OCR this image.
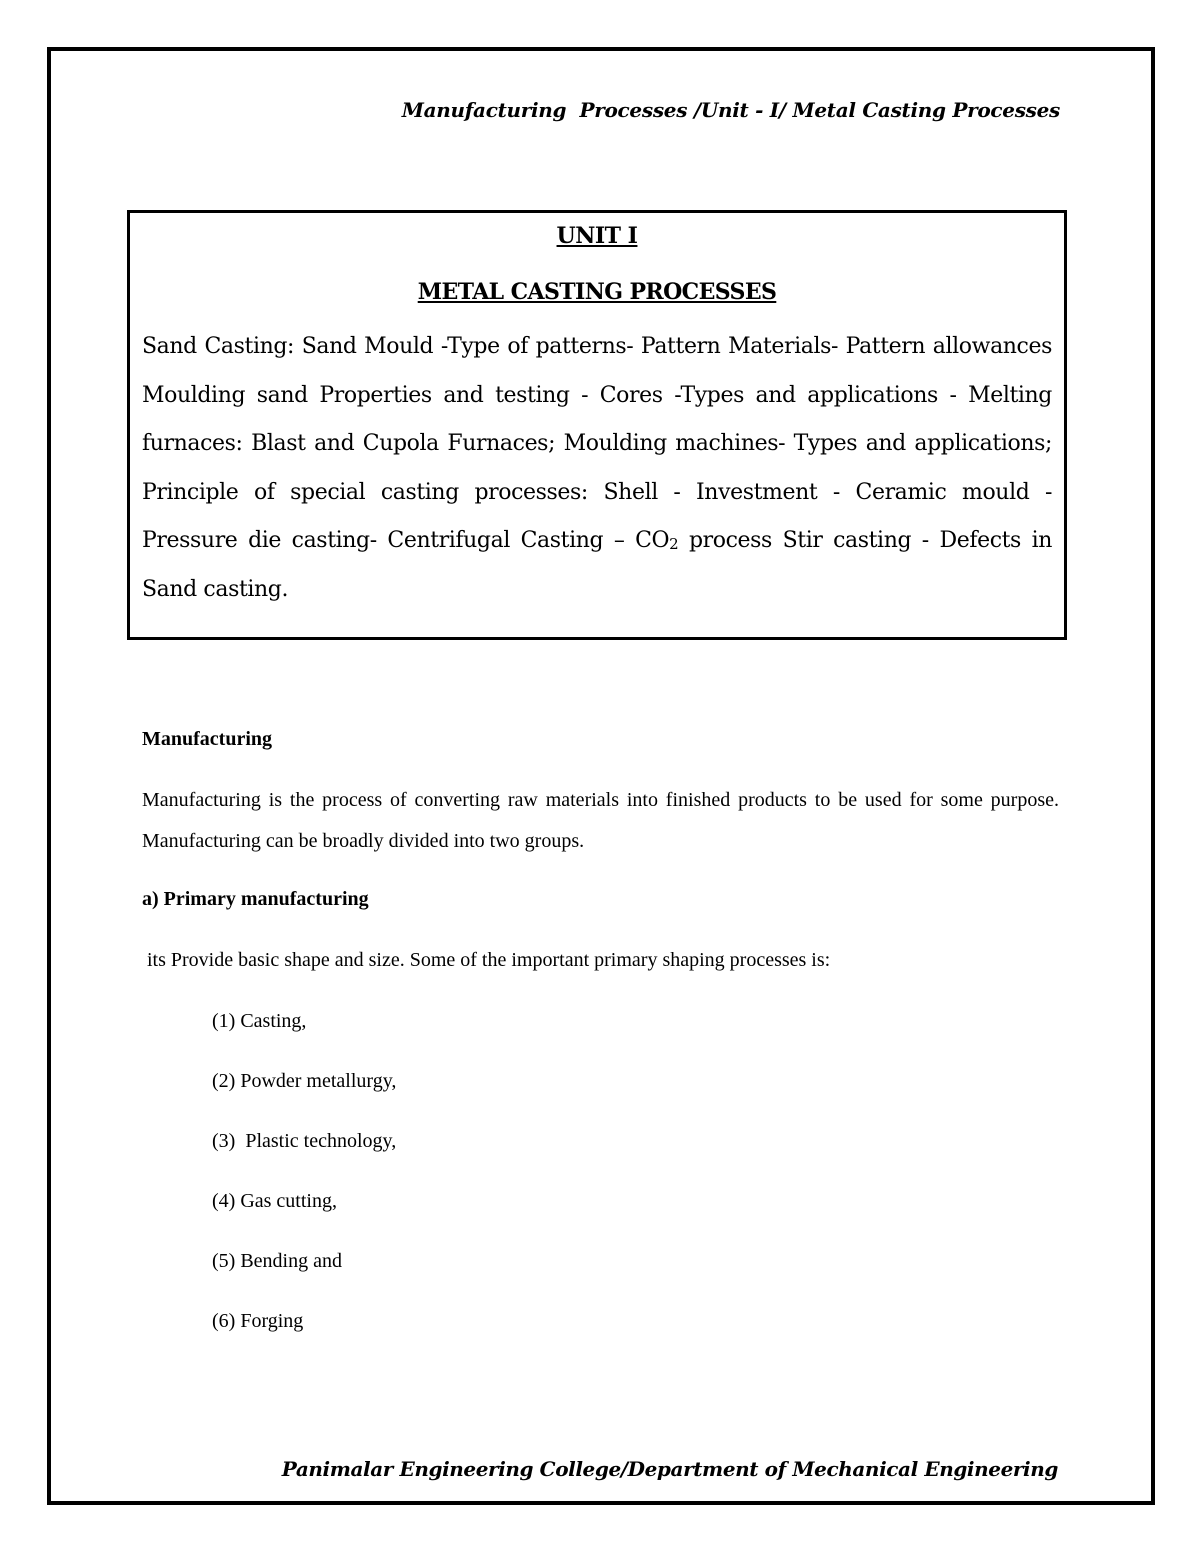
Manufacturing  Processes /Unit - I/ Metal Casting Processes
UNIT I
METAL CASTING PROCESSES
Sand Casting: Sand Mould -Type of patterns- Pattern Materials- Pattern allowances Moulding sand Properties and testing - Cores -Types and applications - Melting furnaces: Blast and Cupola Furnaces; Moulding machines- Types and applications; Principle of special casting processes: Shell - Investment - Ceramic mould - Pressure die casting- Centrifugal Casting – $CO_2$ process Stir casting - Defects in Sand casting.
Manufacturing
Manufacturing is the process of converting raw materials into finished products to be used for some purpose. Manufacturing can be broadly divided into two groups.
a) Primary manufacturing
its Provide basic shape and size. Some of the important primary shaping processes is:
(1) Casting,
(2) Powder metallurgy,
(3)  Plastic technology,
(4) Gas cutting,
(5) Bending and
(6) Forging
Panimalar Engineering College/Department of Mechanical Engineering
